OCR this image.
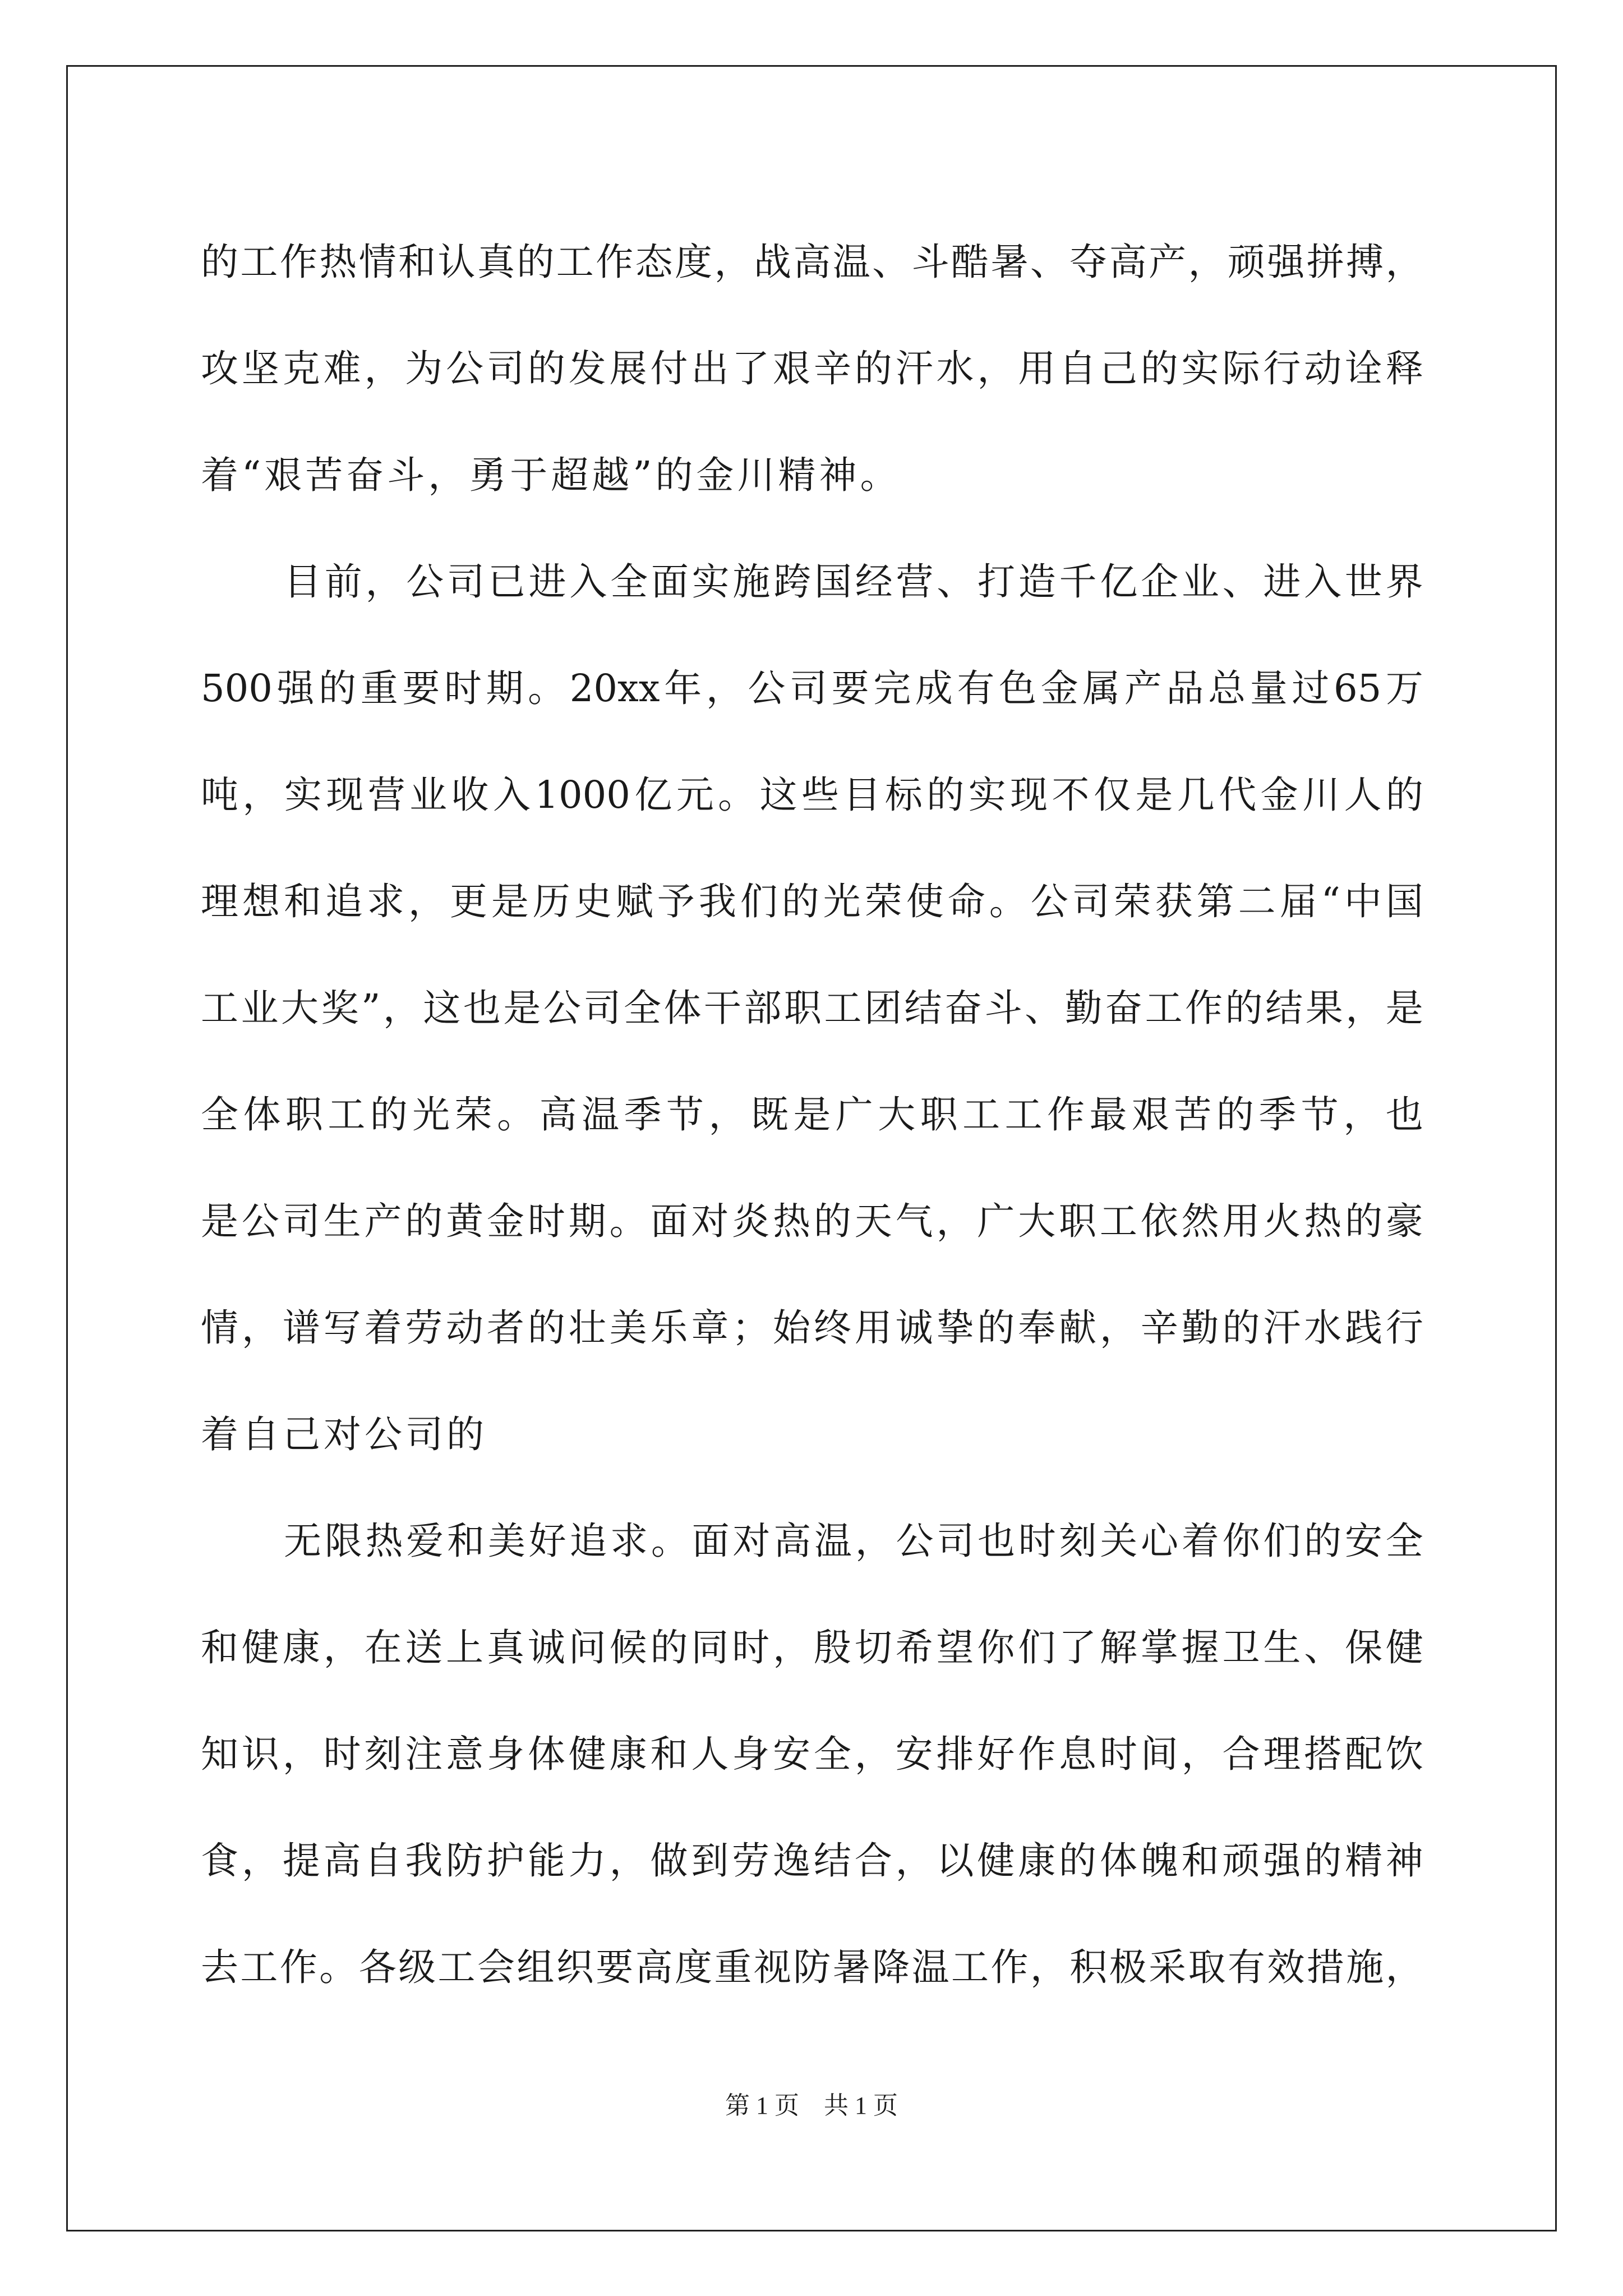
的 工 作 热 情 和 认 真 的 工 作 态 度 ， 战 高 温 、 斗 酷 暑 、 夺 高 产 ， 顽 强 拼 搏 ，
攻 坚 克 难 ， 为 公 司 的 发 展 付 出 了 艰 辛 的 汗 水 ， 用 自 己 的 实 际 行 动 诠 释
着“艰苦奋斗，勇于超越”的金川精神。
目 前 ， 公 司 已 进 入 全 面 实 施 跨 国 经 营 、 打 造 千 亿 企 业 、 进 入 世 界
500 强 的 重 要 时 期 。 20xx 年 ， 公 司 要 完 成 有 色 金 属 产 品 总 量 过 65 万
吨 ， 实 现 营 业 收 入 1000 亿 元 。 这 些 目 标 的 实 现 不 仅 是 几 代 金 川 人 的
理 想 和 追 求 ， 更 是 历 史 赋 予 我 们 的 光 荣 使 命 。 公 司 荣 获 第 二 届 “ 中 国
工 业 大 奖 ” ， 这 也 是 公 司 全 体 干 部 职 工 团 结 奋 斗 、 勤 奋 工 作 的 结 果 ， 是
全 体 职 工 的 光 荣 。 高 温 季 节 ， 既 是 广 大 职 工 工 作 最 艰 苦 的 季 节 ， 也
是 公 司 生 产 的 黄 金 时 期 。 面 对 炎 热 的 天 气 ， 广 大 职 工 依 然 用 火 热 的 豪
情 ， 谱 写 着 劳 动 者 的 壮 美 乐 章 ； 始 终 用 诚 挚 的 奉 献 ， 辛 勤 的 汗 水 践 行
着自己对公司的
无 限 热 爱 和 美 好 追 求 。 面 对 高 温 ， 公 司 也 时 刻 关 心 着 你 们 的 安 全
和 健 康 ， 在 送 上 真 诚 问 候 的 同 时 ， 殷 切 希 望 你 们 了 解 掌 握 卫 生 、 保 健
知 识 ， 时 刻 注 意 身 体 健 康 和 人 身 安 全 ， 安 排 好 作 息 时 间 ， 合 理 搭 配 饮
食 ， 提 高 自 我 防 护 能 力 ， 做 到 劳 逸 结 合 ， 以 健 康 的 体 魄 和 顽 强 的 精 神
去 工 作 。 各 级 工 会 组 织 要 高 度 重 视 防 暑 降 温 工 作 ， 积 极 采 取 有 效 措 施 ，
第 1 页　共 1 页
